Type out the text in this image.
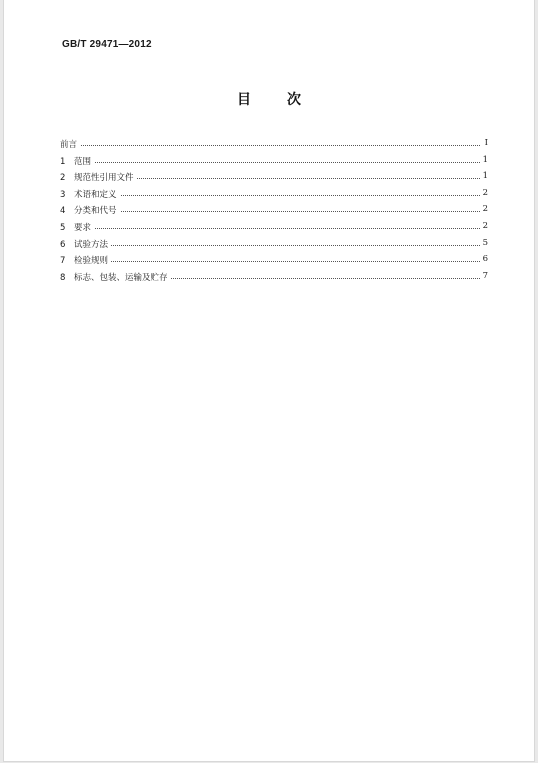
GB/T 29471—2012
目	次
前言	Ⅰ
1 范围	1
2 规范性引用文件	1
3 术语和定义	2
4 分类和代号	2
5 要求	2
6 试验方法	5
7 检验规则	6
8 标志、包装、运输及贮存	7
